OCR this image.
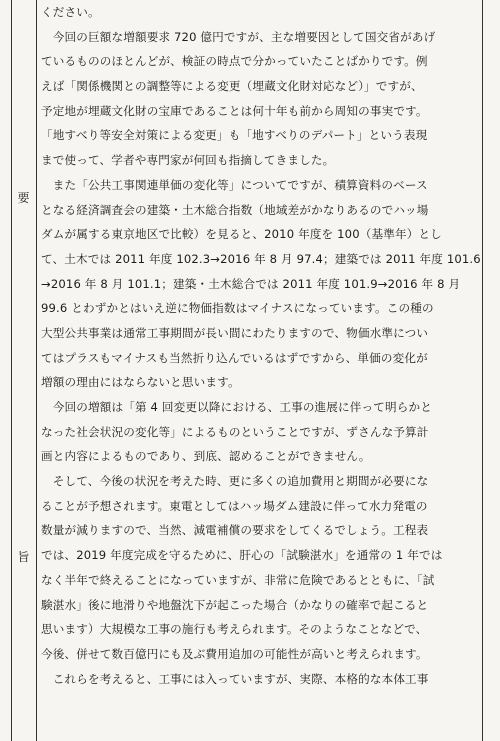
要
旨
ください。
　今回の巨額な増額要求 720 億円ですが、主な増要因として国交省があげ
ているもののほとんどが、検証の時点で分かっていたことばかりです。例
えば「関係機関との調整等による変更（埋蔵文化財対応など）」ですが、
予定地が埋蔵文化財の宝庫であることは何十年も前から周知の事実です。
「地すべり等安全対策による変更」も「地すべりのデパート」という表現
まで使って、学者や専門家が何回も指摘してきました。
　また「公共工事関連単価の変化等」についてですが、積算資料のベース
となる経済調査会の建築・土木総合指数（地域差がかなりあるのでハッ場
ダムが属する東京地区で比較）を見ると、2010 年度を 100（基準年）とし
て、土木では 2011 年度 102.3→2016 年 8 月 97.4；建築では 2011 年度 101.6
→2016 年 8 月 101.1；建築・土木総合では 2011 年度 101.9→2016 年 8 月
99.6 とわずかとはいえ逆に物価指数はマイナスになっています。この種の
大型公共事業は通常工事期間が長い間にわたりますので、物価水準につい
てはプラスもマイナスも当然折り込んでいるはずですから、単価の変化が
増額の理由にはならないと思います。
　今回の増額は「第 4 回変更以降における、工事の進展に伴って明らかと
なった社会状況の変化等」によるものということですが、ずさんな予算計
画と内容によるものであり、到底、認めることができません。
　そして、今後の状況を考えた時、更に多くの追加費用と期間が必要にな
ることが予想されます。東電としてはハッ場ダム建設に伴って水力発電の
数量が減りますので、当然、減電補償の要求をしてくるでしょう。工程表
では、2019 年度完成を守るために、肝心の「試験湛水」を通常の 1 年では
なく半年で終えることになっていますが、非常に危険であるとともに、「試
験湛水」後に地滑りや地盤沈下が起こった場合（かなりの確率で起こると
思います）大規模な工事の施行も考えられます。そのようなことなどで、
今後、併せて数百億円にも及ぶ費用追加の可能性が高いと考えられます。
　これらを考えると、工事には入っていますが、実際、本格的な本体工事
